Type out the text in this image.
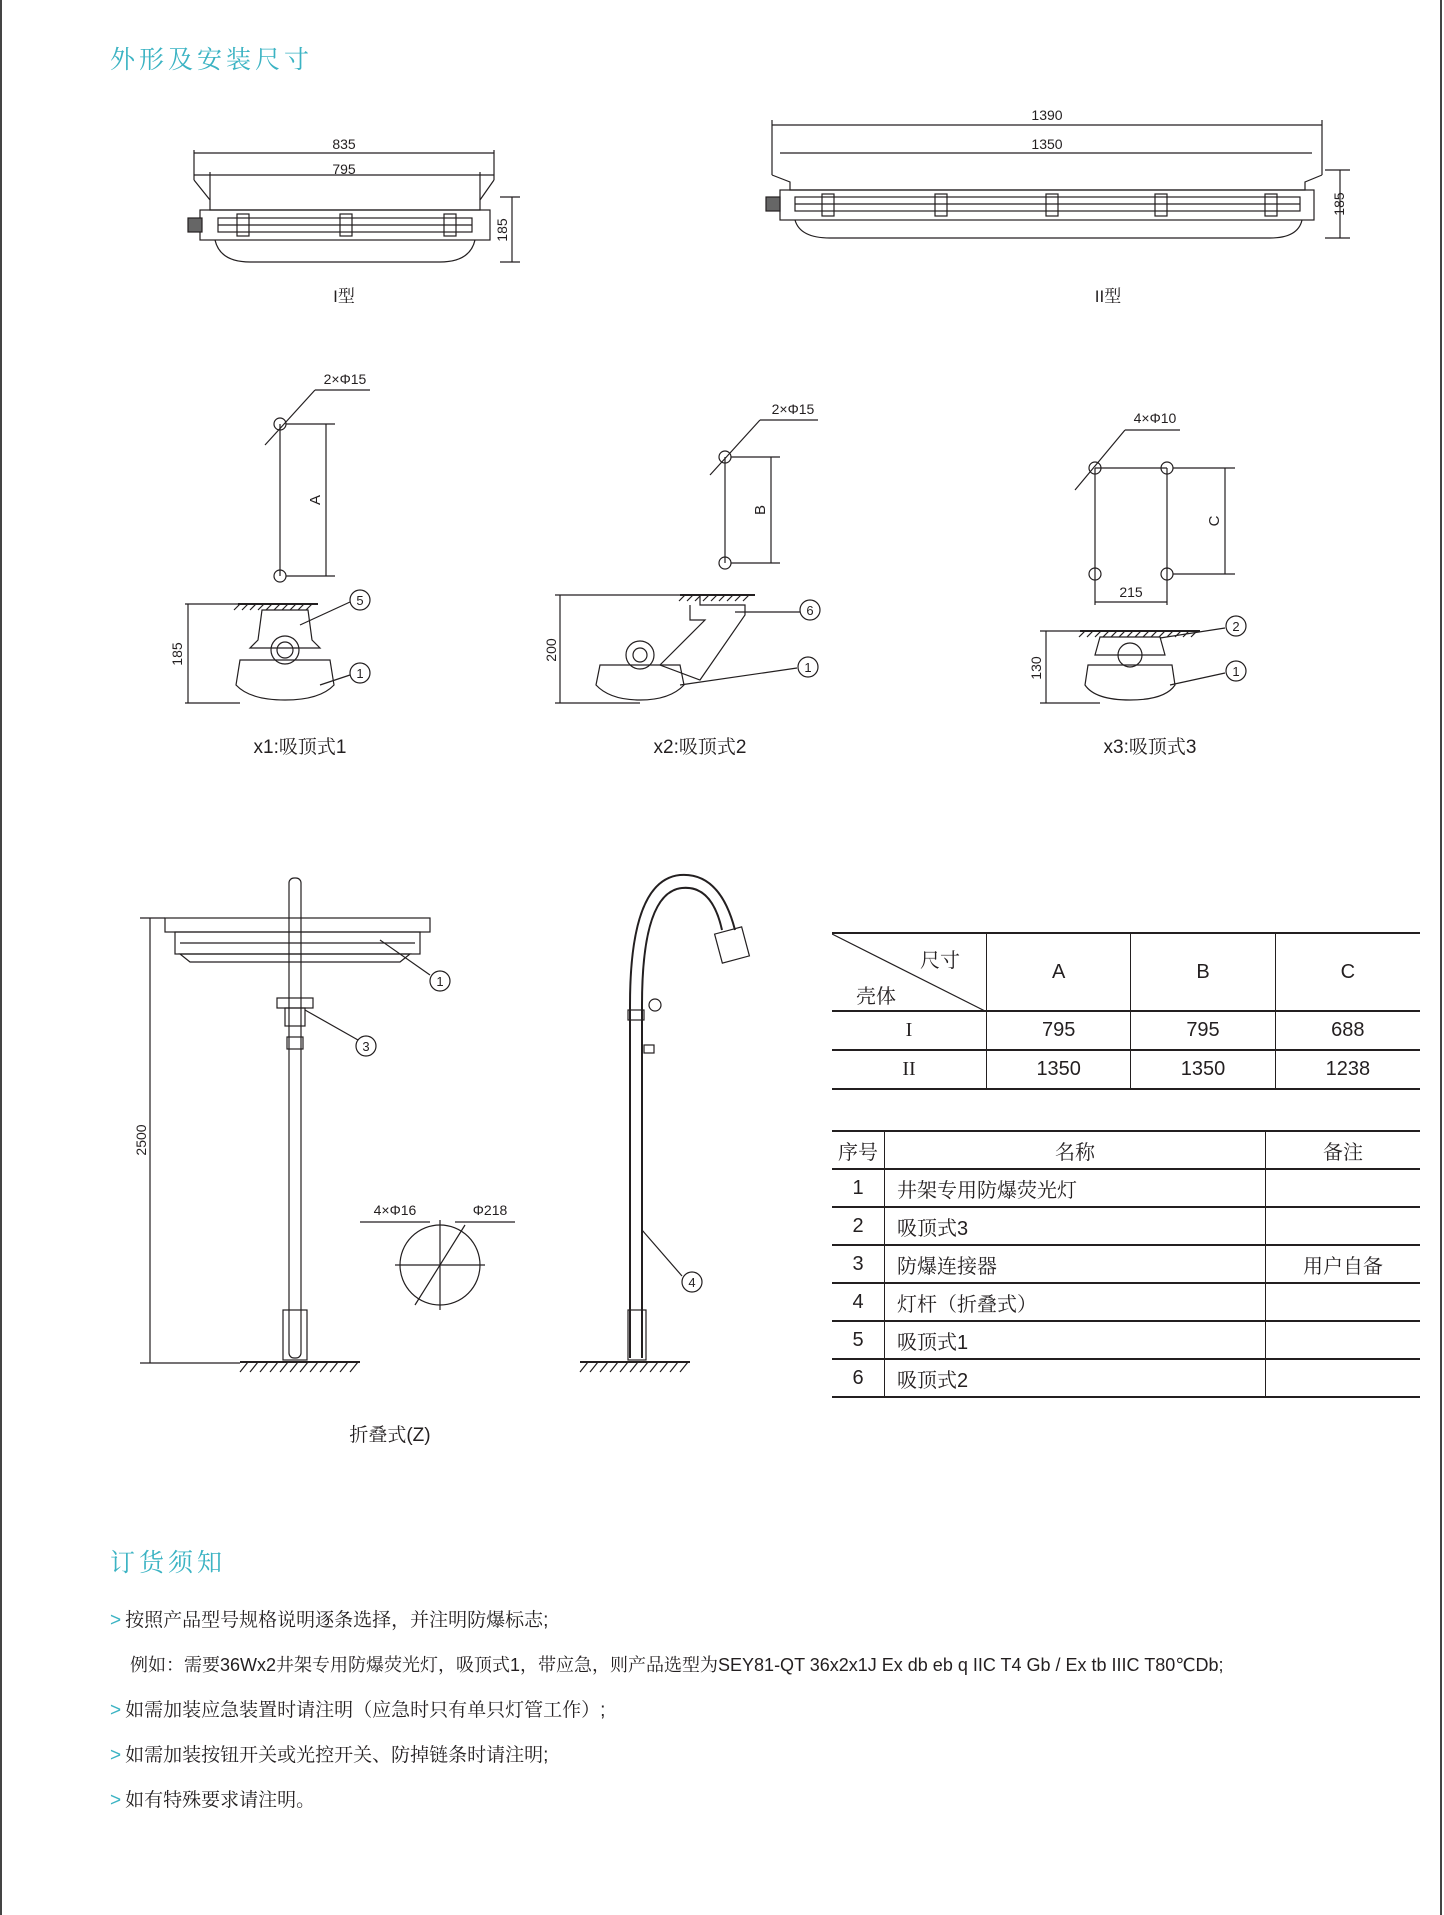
外形及安装尺寸
835
795
185
I型
1390
1350
185
II型
2×Φ15
A
185
5
1
x1:吸顶式1
2×Φ15
B
200
6
1
x2:吸顶式2
4×Φ10
215
C
130
2
1
x3:吸顶式3
2500
1
3
4×Φ16	Φ218
4
折叠式(Z)
尺寸
壳体	A	B	C
I	795	795	688
II	1350	1350	1238
序号	名称	备注
1	井架专用防爆荧光灯	
2	吸顶式3	
3	防爆连接器	用户自备
4	灯杆（折叠式）	
5	吸顶式1	
6	吸顶式2	
订货须知
> 按照产品型号规格说明逐条选择，并注明防爆标志;
例如：需要36Wx2井架专用防爆荧光灯，吸顶式1，带应急，则产品选型为SEY81-QT 36x2x1J Ex db eb q IIC T4 Gb / Ex tb IIIC T80℃Db;
> 如需加装应急装置时请注明（应急时只有单只灯管工作）;
> 如需加装按钮开关或光控开关、防掉链条时请注明;
> 如有特殊要求请注明。
